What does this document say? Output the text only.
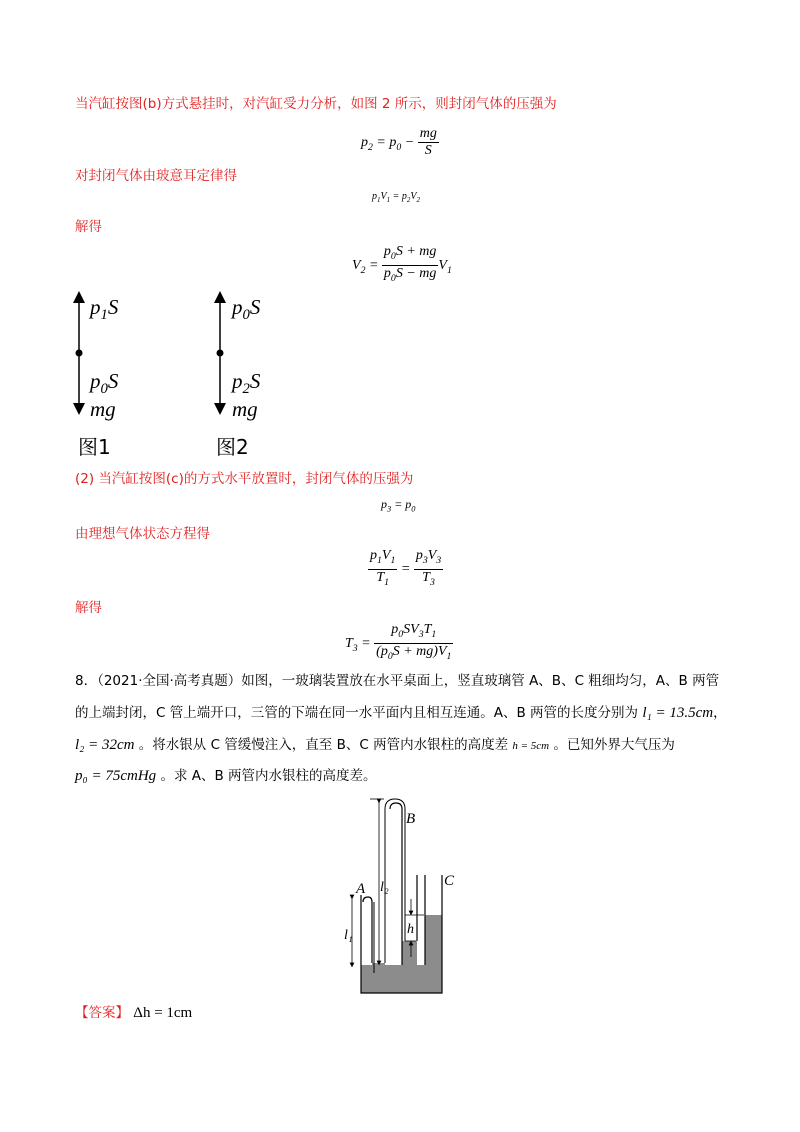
当汽缸按图(b)方式悬挂时，对汽缸受力分析，如图 2 所示，则封闭气体的压强为
$p_2 = p_0 - \frac{mg}{S}$
对封闭气体由玻意耳定律得
$p_1V_1 = p_2V_2$
解得
$V_2 = \frac{p_0S + mg}{p_0S - mg} V_1$
$p_1S$
$p_0S$
mg
$p_0S$
$p_2S$
mg
图1	图2
(2) 当汽缸按图(c)的方式水平放置时，封闭气体的压强为
$p_3 = p_0$
由理想气体状态方程得
$\frac{p_1V_1}{T_1} = \frac{p_3V_3}{T_3}$
解得
$T_3 = \frac{p_0SV_3T_1}{(p_0S + mg)V_1}$
8．（2021·全国·高考真题）如图，一玻璃装置放在水平桌面上，竖直玻璃管 A、B、C 粗细均匀，A、B 两管
的上端封闭，C 管上端开口，三管的下端在同一水平面内且相互连通。A、B 两管的长度分别为 l₁ = 13.5cm，
l₂ = 32cm 。将水银从 C 管缓慢注入，直至 B、C 两管内水银柱的高度差 h = 5cm 。已知外界大气压为
p₀ = 75cmHg 。求 A、B 两管内水银柱的高度差。
A
B
C
l₁
l₂
h
【答案】 Δh = 1cm
